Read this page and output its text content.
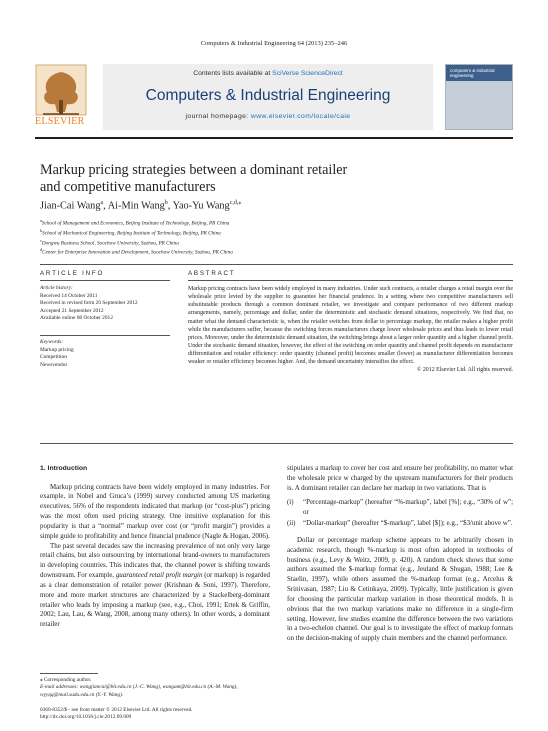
Computers & Industrial Engineering 64 (2013) 235–246
ELSEVIER
Contents lists available at SciVerse ScienceDirect
Computers & Industrial Engineering
journal homepage: www.elsevier.com/locate/caie
computers & industrial engineering
Markup pricing strategies between a dominant retailer
and competitive manufacturers
Jian-Cai Wang$^a$, Ai-Min Wang$^b$, Yao-Yu Wang$^{c,d,⁎}$
$^a$School of Management and Economics, Beijing Institute of Technology, Beijing, PR China
$^b$School of Mechanical Engineering, Beijing Institute of Technology, Beijing, PR China
$^c$Dongwu Business School, Soochow University, Suzhou, PR China
$^d$Center for Enterprise Innovation and Development, Soochow University, Suzhou, PR China
ARTICLE INFO	ABSTRACT
Article history:
Received 14 October 2011
Received in revised form 20 September 2012
Accepted 21 September 2012
Available online 08 October 2012
Keywords:
Markup pricing
Competition
Newsvendor
Markup pricing contracts have been widely employed in many industries. Under such contracts, a retailer charges a retail margin over the wholesale price levied by the supplier to guarantee her financial prudence. In a setting where two competitive manufacturers sell substitutable products through a common dominant retailer, we investigate and compare performance of two different markup arrangements, namely, percentage and dollar, under the deterministic and stochastic demand situations, respectively. We find that, no matter what the demand characteristic is, when the retailer switches from dollar to percentage markup, the retailer makes a higher profit while the manufacturers suffer, because the switching forces manufacturers charge lower wholesale prices and thus leads to lower retail prices. Moreover, under the deterministic demand situation, the switching brings about a larger order quantity and a higher channel profit. Under the stochastic demand situation, however, the effect of the switching on order quantity and channel profit depends on manufacturer differentiation and retailer efficiency: order quantity (channel profit) becomes smaller (lower) as manufacturer differentiation becomes weaker or retailer efficiency becomes higher. And, the demand uncertainty intensifies the effect.
© 2012 Elsevier Ltd. All rights reserved.
1. Introduction

Markup pricing contracts have been widely employed in many industries. For example, in Nobel and Gruca’s (1999) survey conducted among US marketing executives, 56% of the respondents indicated that markup (or “cost-plus”) pricing was the most often used pricing strategy. One intuitive explanation for this popularity is that a “normal” markup over cost (or “profit margin”) provides a simple guide to profitability and hence financial prudence (Nagle & Hogan, 2006).

The past several decades saw the increasing prevalence of not only very large retail chains, but also outsourcing by international brand-owners to manufacturers in developing countries. This indicates that, the channel power is shifting towards downstream. For example, guaranteed retail profit margin (or markup) is regarded as a clear demonstration of retailer power (Krishnan & Soni, 1997). Therefore, more and more market structures are characterized by a Stackelberg-dominant retailer who leads by imposing a markup (see, e.g., Choi, 1991; Ertek & Griffin, 2002; Lau, Lau, & Wang, 2008, among many others). In other words, a dominant retailer

⁎ Corresponding author.
E-mail addresses: wangjiancai@bit.edu.cn (J.-C. Wang), wangam@bit.edu.cn (A.-M. Wang), wyyqq@mail.suda.edu.cn (Y.-Y. Wang).
0360-8352/$ - see front matter © 2012 Elsevier Ltd. All rights reserved.
http://dx.doi.org/10.1016/j.cie.2012.09.009

stipulates a markup to cover her cost and ensure her profitability, no matter what the wholesale price w charged by the upstream manufacturers for their products is. A dominant retailer can declare her markup in two variations. That is

(i)	“Percentage-markup” (hereafter “%-markup”, label [%]; e.g., “30% of w”; or
(ii)	“Dollar-markup” (hereafter “$-markup”, label [$]); e.g., “$3/unit above w”.

Dollar or percentage markup scheme appears to be arbitrarily chosen in academic research, though %-markup is most often adopted in textbooks of business (e.g., Levy & Weitz, 2009, p. 420). A random check shows that some authors assumed the $-markup format (e.g., Jeuland & Shugan, 1988; Lee & Staelin, 1997), while others assumed the %-markup format (e.g., Arcelus & Srinivasan, 1987; Liu & Cetinkaya, 2009). Typically, little justification is given for choosing the particular markup variation in those theoretical models. It is obvious that the two markup variations make no difference in a single-firm setting. However, few studies examine the difference between the two variations in a two-echelon channel. Our goal is to investigate the effect of markup formats on the decision-making of supply chain members and the channel performance.
